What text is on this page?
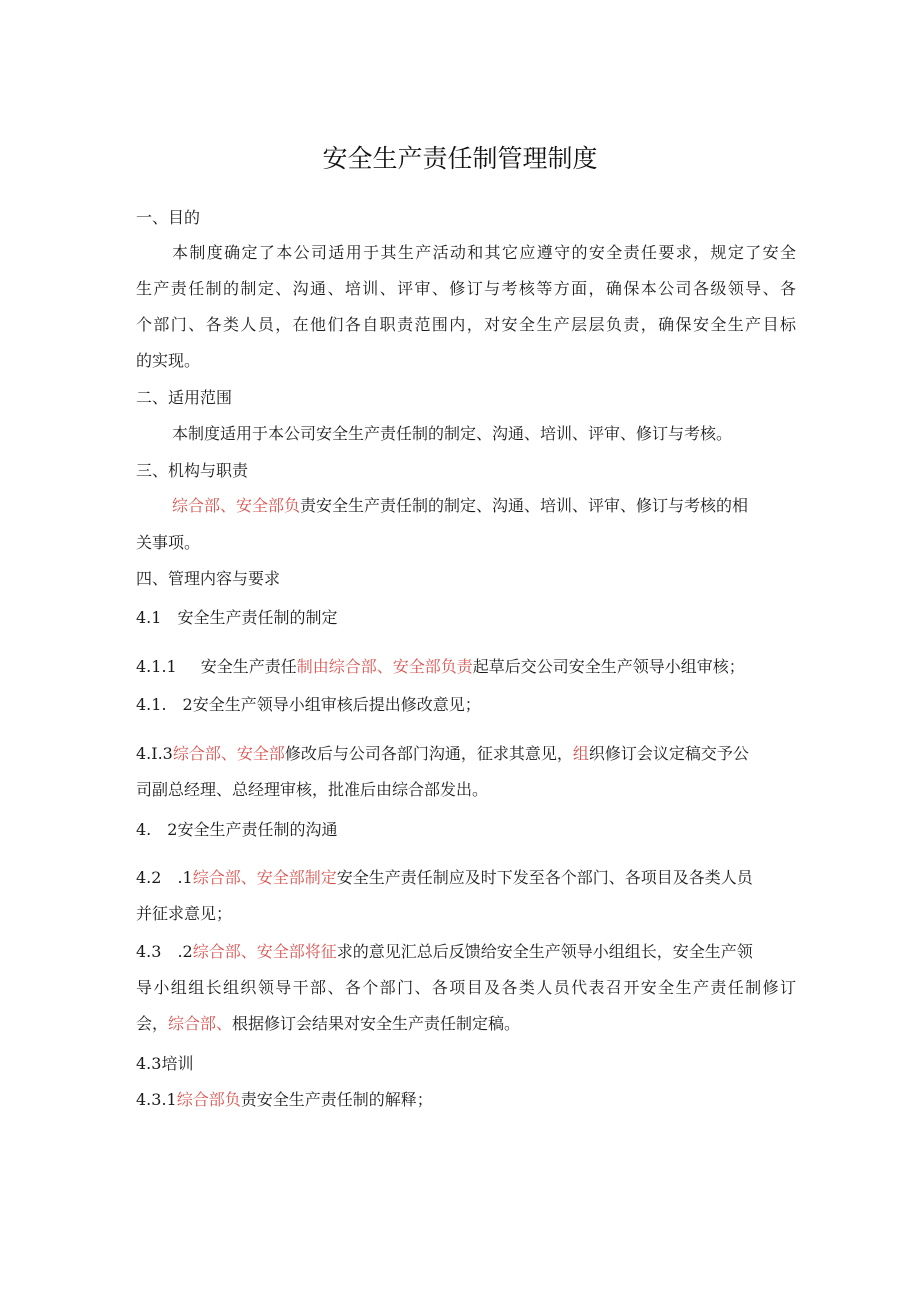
安全生产责任制管理制度
一、目的
本制度确定了本公司适用于其生产活动和其它应遵守的安全责任要求，规定了安全
生产责任制的制定、沟通、培训、评审、修订与考核等方面，确保本公司各级领导、各
个部门、各类人员，在他们各自职责范围内，对安全生产层层负责，确保安全生产目标
的实现。
二、适用范围
本制度适用于本公司安全生产责任制的制定、沟通、培训、评审、修订与考核。
三、机构与职责
综合部、安全部负责安全生产责任制的制定、沟通、培训、评审、修订与考核的相
关事项。
四、管理内容与要求
4.1　安全生产责任制的制定
4.1.1 安全生产责任制由综合部、安全部负责起草后交公司安全生产领导小组审核；
4.1.　2安全生产领导小组审核后提出修改意见；
4.I.3综合部、安全部修改后与公司各部门沟通，征求其意见，组织修订会议定稿交予公
司副总经理、总经理审核，批准后由综合部发出。
4.　2安全生产责任制的沟通
4.2　.1综合部、安全部制定安全生产责任制应及时下发至各个部门、各项目及各类人员
并征求意见；
4.3　.2综合部、安全部将征求的意见汇总后反馈给安全生产领导小组组长，安全生产领
导小组组长组织领导干部、各个部门、各项目及各类人员代表召开安全生产责任制修订
会，综合部、根据修订会结果对安全生产责任制定稿。
4.3培训
4.3.1综合部负责安全生产责任制的解释；
